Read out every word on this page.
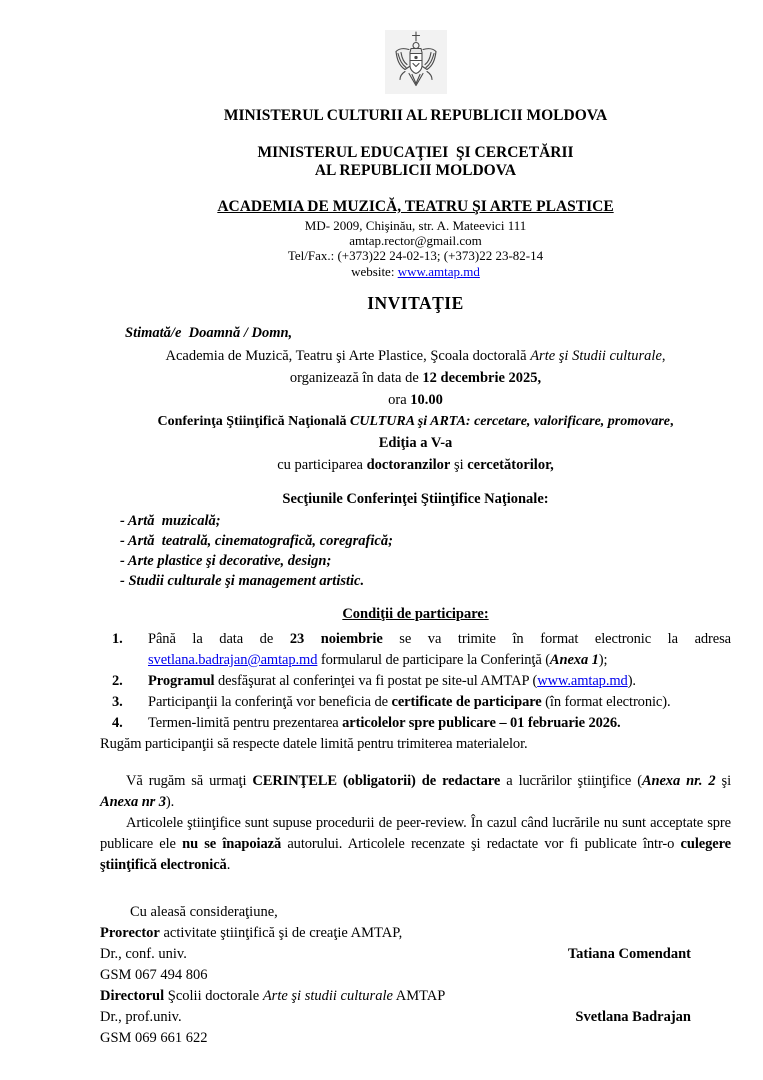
MINISTERUL CULTURII AL REPUBLICII MOLDOVA
MINISTERUL EDUCAŢIEI  ŞI CERCETĂRII
AL REPUBLICII MOLDOVA
ACADEMIA DE MUZICĂ, TEATRU ŞI ARTE PLASTICE
MD- 2009, Chişinău, str. A. Mateevici 111
amtap.rector@gmail.com
Tel/Fax.: (+373)22 24-02-13; (+373)22 23-82-14
website: www.amtap.md
INVITAŢIE
Stimată/e  Doamnă / Domn,
Academia de Muzică, Teatru şi Arte Plastice, Şcoala doctorală Arte şi Studii culturale,
organizează în data de 12 decembrie 2025,
ora 10.00
Conferinţa Ştiinţifică Naţională CULTURA şi ARTA: cercetare, valorificare, promovare,
Ediţia a V-a
cu participarea doctoranzilor şi cercetătorilor,
Secţiunile Conferinţei Ştiinţifice Naţionale:
- Artă  muzicală;
- Artă  teatrală, cinematografică, coregrafică;
- Arte plastice şi decorative, design;
- Studii culturale şi management artistic.
Condiţii de participare:
1. Până la data de 23 noiembrie se va trimite în format electronic la adresa
svetlana.badrajan@amtap.md formularul de participare la Conferinţă (Anexa 1);
2. Programul desfăşurat al conferinţei va fi postat pe site-ul AMTAP (www.amtap.md).
3. Participanţii la conferinţă vor beneficia de certificate de participare (în format electronic).
4. Termen-limită pentru prezentarea articolelor spre publicare – 01 februarie 2026.
Rugăm participanţii să respecte datele limită pentru trimiterea materialelor.
Vă rugăm să urmaţi CERINŢELE (obligatorii) de redactare a lucrărilor ştiinţifice (Anexa nr. 2 şi Anexa nr 3).
Articolele ştiinţifice sunt supuse procedurii de peer-review. În cazul când lucrările nu sunt acceptate spre publicare ele nu se înapoiază autorului. Articolele recenzate şi redactate vor fi publicate într-o culegere ştiinţifică electronică.
Cu aleasă consideraţiune,
Prorector activitate ştiinţifică şi de creaţie AMTAP,
Dr., conf. univ.	Tatiana Comendant
GSM 067 494 806
Directorul Şcolii doctorale Arte şi studii culturale AMTAP
Dr., prof.univ.	Svetlana Badrajan
GSM 069 661 622
